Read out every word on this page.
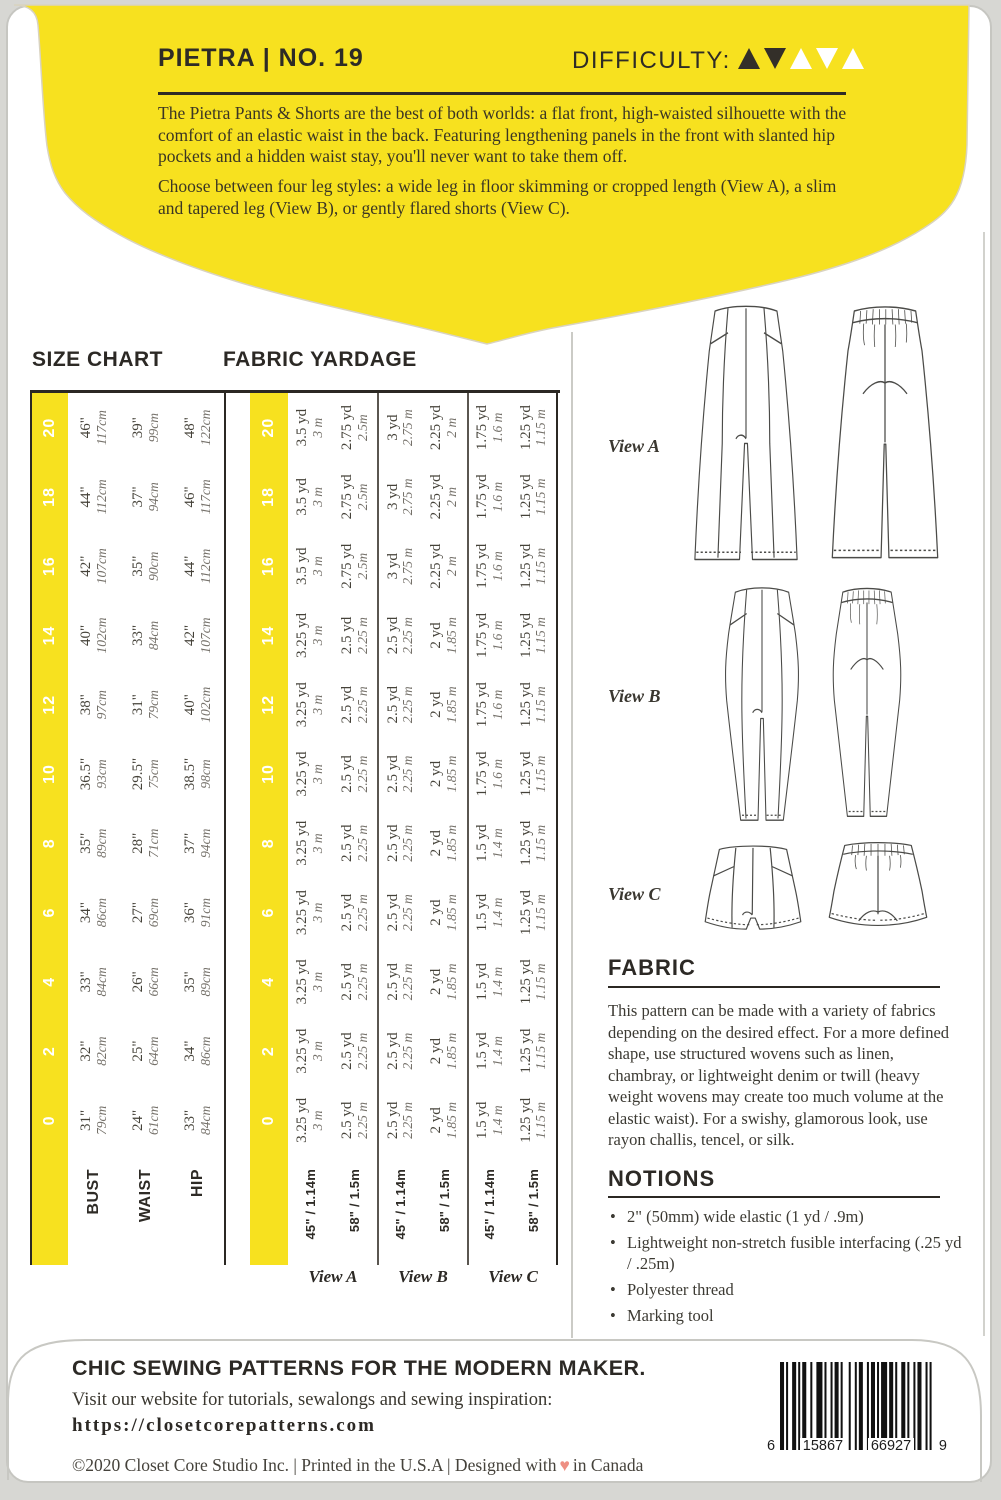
PIETRA | NO. 19	DIFFICULTY:
The Pietra Pants & Shorts are the best of both worlds: a flat front, high-waisted silhouette with the comfort of an elastic waist in the back. Featuring lengthening panels in the front with slanted hip pockets and a hidden waist stay, you'll never want to take them off.
Choose between four leg styles: a wide leg in floor skimming or cropped length (View A), a slim and tapered leg (View B), or gently flared shorts (View C).
SIZE CHART	FABRIC YARDAGE
0
2
4
6
8
10
12
14
16
18
20
BUST
31" 79cm
32" 82cm
33" 84cm
34" 86cm
35" 89cm
36.5" 93cm
38" 97cm
40" 102cm
42" 107cm
44" 112cm
46" 117cm
WAIST
24" 61cm
25" 64cm
26" 66cm
27" 69cm
28" 71cm
29.5" 75cm
31" 79cm
33" 84cm
35" 90cm
37" 94cm
39" 99cm
HIP
33" 84cm
34" 86cm
35" 89cm
36" 91cm
37" 94cm
38.5" 98cm
40" 102cm
42" 107cm
44" 112cm
46" 117cm
48" 122cm
0
2
4
6
8
10
12
14
16
18
20
45" / 1.14m
3.25 yd 3 m
3.25 yd 3 m
3.25 yd 3 m
3.25 yd 3 m
3.25 yd 3 m
3.25 yd 3 m
3.25 yd 3 m
3.25 yd 3 m
3.5 yd 3 m
3.5 yd 3 m
3.5 yd 3 m
58" / 1.5m
2.5 yd 2.25 m
2.5 yd 2.25 m
2.5 yd 2.25 m
2.5 yd 2.25 m
2.5 yd 2.25 m
2.5 yd 2.25 m
2.5 yd 2.25 m
2.5 yd 2.25 m
2.75 yd 2.5m
2.75 yd 2.5m
2.75 yd 2.5m
45" / 1.14m
2.5 yd 2.25 m
2.5 yd 2.25 m
2.5 yd 2.25 m
2.5 yd 2.25 m
2.5 yd 2.25 m
2.5 yd 2.25 m
2.5 yd 2.25 m
2.5 yd 2.25 m
3 yd 2.75 m
3 yd 2.75 m
3 yd 2.75 m
58" / 1.5m
2 yd 1.85 m
2 yd 1.85 m
2 yd 1.85 m
2 yd 1.85 m
2 yd 1.85 m
2 yd 1.85 m
2 yd 1.85 m
2 yd 1.85 m
2.25 yd 2 m
2.25 yd 2 m
2.25 yd 2 m
45" / 1.14m
1.5 yd 1.4 m
1.5 yd 1.4 m
1.5 yd 1.4 m
1.5 yd 1.4 m
1.5 yd 1.4 m
1.75 yd 1.6 m
1.75 yd 1.6 m
1.75 yd 1.6 m
1.75 yd 1.6 m
1.75 yd 1.6 m
1.75 yd 1.6 m
58" / 1.5m
1.25 yd 1.15 m
1.25 yd 1.15 m
1.25 yd 1.15 m
1.25 yd 1.15 m
1.25 yd 1.15 m
1.25 yd 1.15 m
1.25 yd 1.15 m
1.25 yd 1.15 m
1.25 yd 1.15 m
1.25 yd 1.15 m
1.25 yd 1.15 m
View A View B View C
View A
View B
View C
FABRIC
This pattern can be made with a variety of fabrics depending on the desired effect. For a more defined shape, use structured wovens such as linen, chambray, or lightweight denim or twill (heavy weight wovens may create too much volume at the elastic waist). For a swishy, glamorous look, use rayon challis, tencel, or silk.
NOTIONS
• 2" (50mm) wide elastic (1 yd / .9m)
• Lightweight non-stretch fusible interfacing (.25 yd / .25m)
• Polyester thread
• Marking tool
CHIC SEWING PATTERNS FOR THE MODERN MAKER.
Visit our website for tutorials, sewalongs and sewing inspiration:
https://closetcorepatterns.com
©2020 Closet Core Studio Inc. | Printed in the U.S.A | Designed with ♥ in Canada
6 15867 66927 9
